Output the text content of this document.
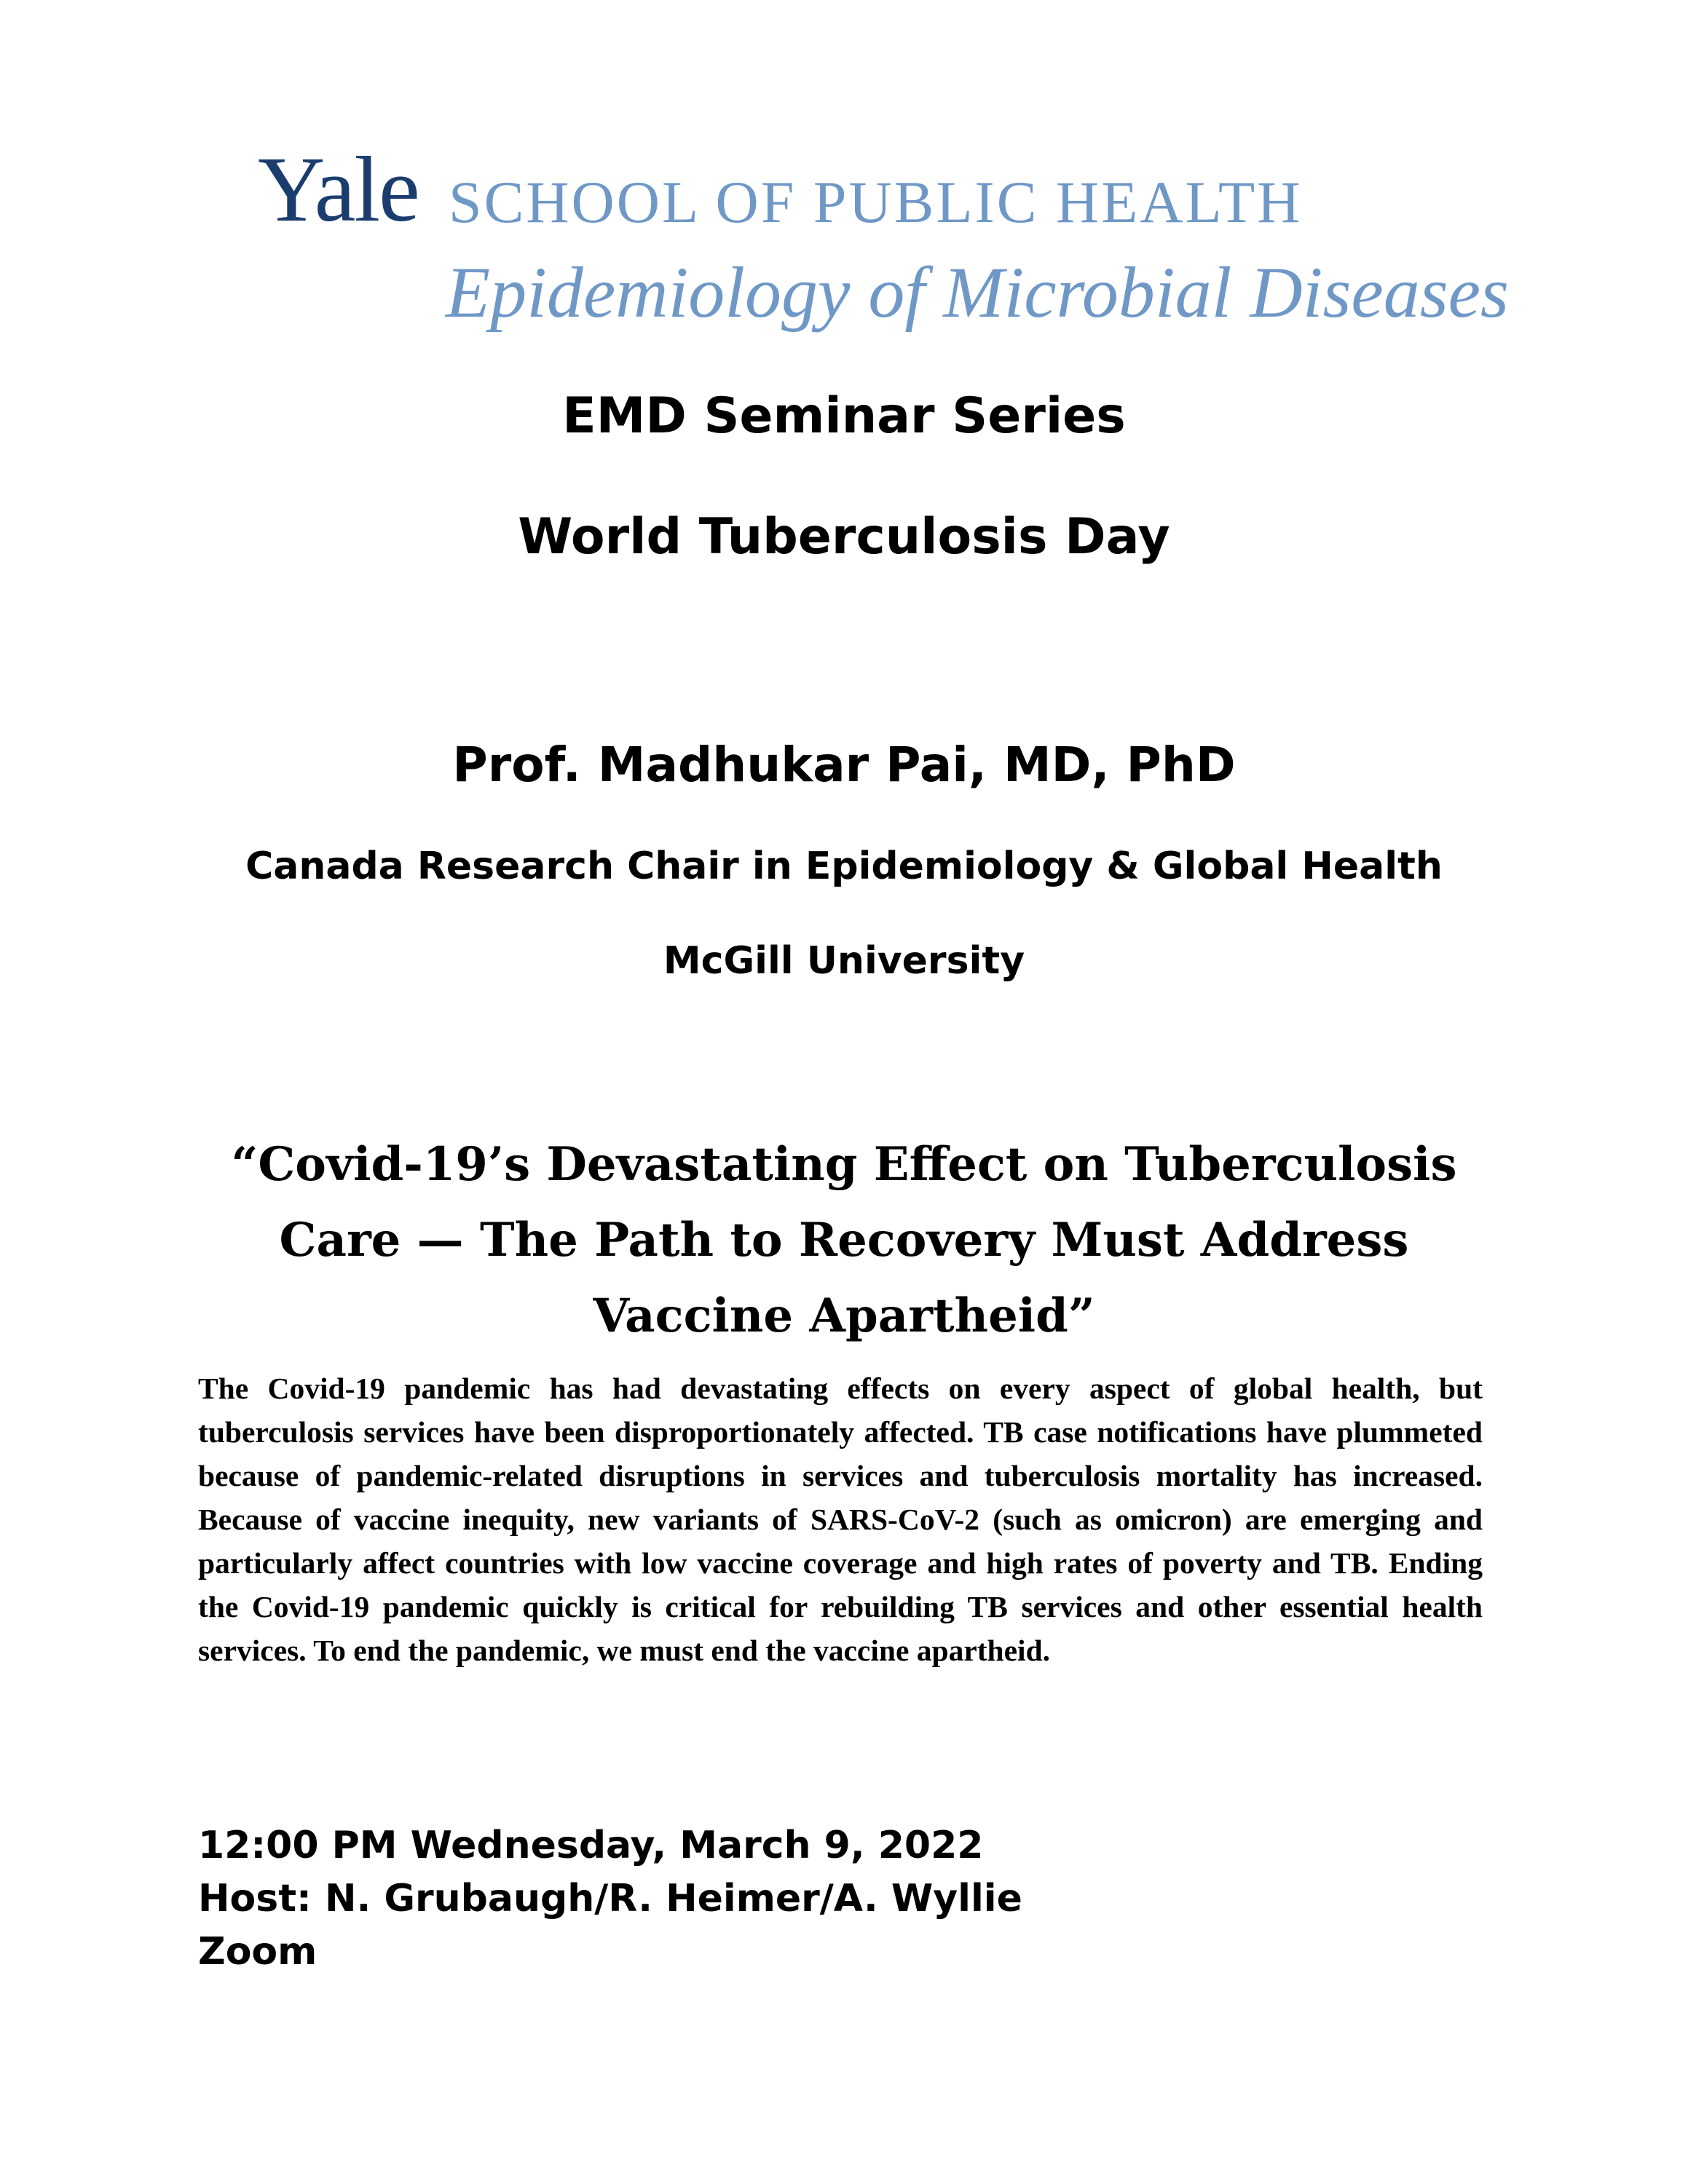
Yale SCHOOL OF PUBLIC HEALTH
Epidemiology of Microbial Diseases
EMD Seminar Series
World Tuberculosis Day
Prof. Madhukar Pai, MD, PhD
Canada Research Chair in Epidemiology & Global Health
McGill University
“Covid-19’s Devastating Effect on Tuberculosis
Care — The Path to Recovery Must Address
Vaccine Apartheid”
The Covid-19 pandemic has had devastating effects on every aspect of global health, but tuberculosis services have been disproportionately affected. TB case notifications have plummeted because of pandemic-related disruptions in services and tuberculosis mortality has increased. Because of vaccine inequity, new variants of SARS-CoV-2 (such as omicron) are emerging and particularly affect countries with low vaccine coverage and high rates of poverty and TB. Ending the Covid-19 pandemic quickly is critical for rebuilding TB services and other essential health services. To end the pandemic, we must end the vaccine apartheid.
12:00 PM Wednesday, March 9, 2022
Host: N. Grubaugh/R. Heimer/A. Wyllie
Zoom
